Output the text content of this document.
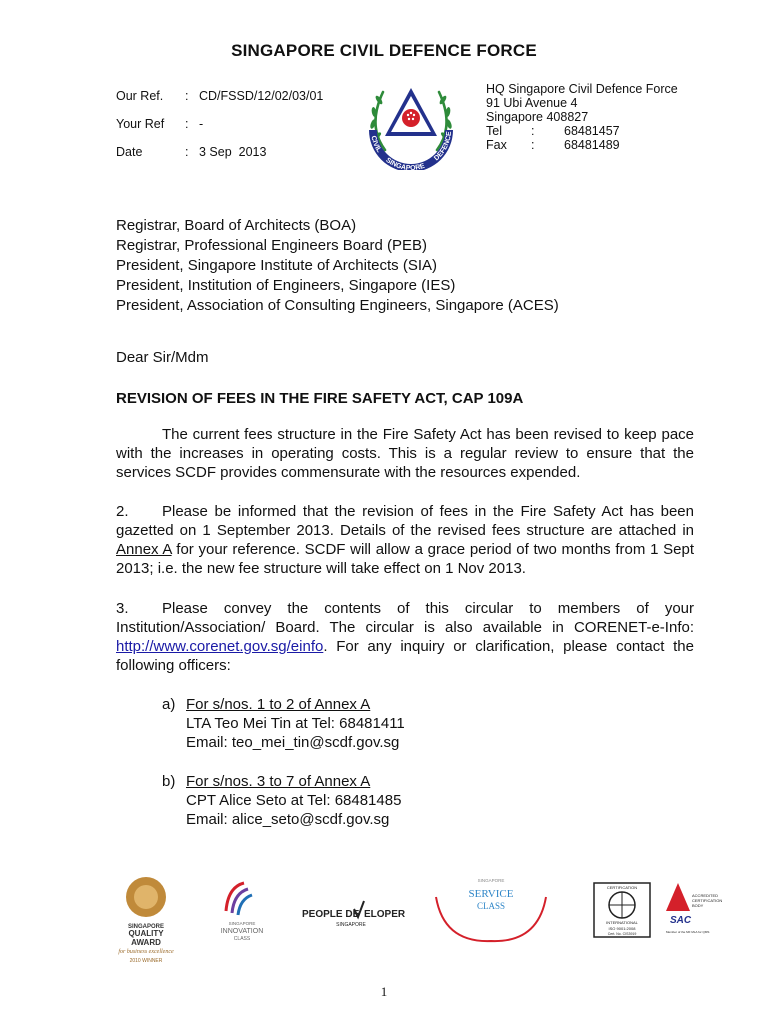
SINGAPORE CIVIL DEFENCE FORCE
Our Ref.	: CD/FSSD/12/02/03/01
Your Ref	: -
Date	: 3 Sep  2013
CIVIL
SINGAPORE
DEFENCE
HQ Singapore Civil Defence Force
91 Ubi Avenue 4
Singapore 408827
Tel	:	68481457
Fax	:	68481489
Registrar, Board of Architects (BOA)
Registrar, Professional Engineers Board (PEB)
President, Singapore Institute of Architects (SIA)
President, Institution of Engineers, Singapore (IES)
President, Association of Consulting Engineers, Singapore (ACES)
Dear Sir/Mdm
REVISION OF FEES IN THE FIRE SAFETY ACT, CAP 109A
The current fees structure in the Fire Safety Act has been revised to keep pace with the increases in operating costs. This is a regular review to ensure that the services SCDF provides commensurate with the resources expended.
2. Please be informed that the revision of fees in the Fire Safety Act has been gazetted on 1 September 2013. Details of the revised fees structure are attached in Annex A for your reference. SCDF will allow a grace period of two months from 1 Sept 2013; i.e. the new fee structure will take effect on 1 Nov 2013.
3. Please convey the contents of this circular to members of your Institution/Association/ Board. The circular is also available in CORENET-e-Info: http://www.corenet.gov.sg/einfo. For any inquiry or clarification, please contact the following officers:
a) For s/nos. 1 to 2 of Annex A
LTA Teo Mei Tin at Tel: 68481411
Email: teo_mei_tin@scdf.gov.sg
b) For s/nos. 3 to 7 of Annex A
CPT Alice Seto at Tel: 68481485
Email: alice_seto@scdf.gov.sg
SINGAPORE
QUALITY
AWARD
for business excellence
2010 WINNER
SINGAPORE
INNOVATION
CLASS
PEOPLE DE ELOPER
SINGAPORE
SINGAPORE
SERVICE
CLASS
CERTIFICATION
INTERNATIONAL
ISO 9001:2008
Cert. No. CIS3919
SAC
ACCREDITED
CERTIFICATION
BODY
Member of the MF MLA for QMS
1
